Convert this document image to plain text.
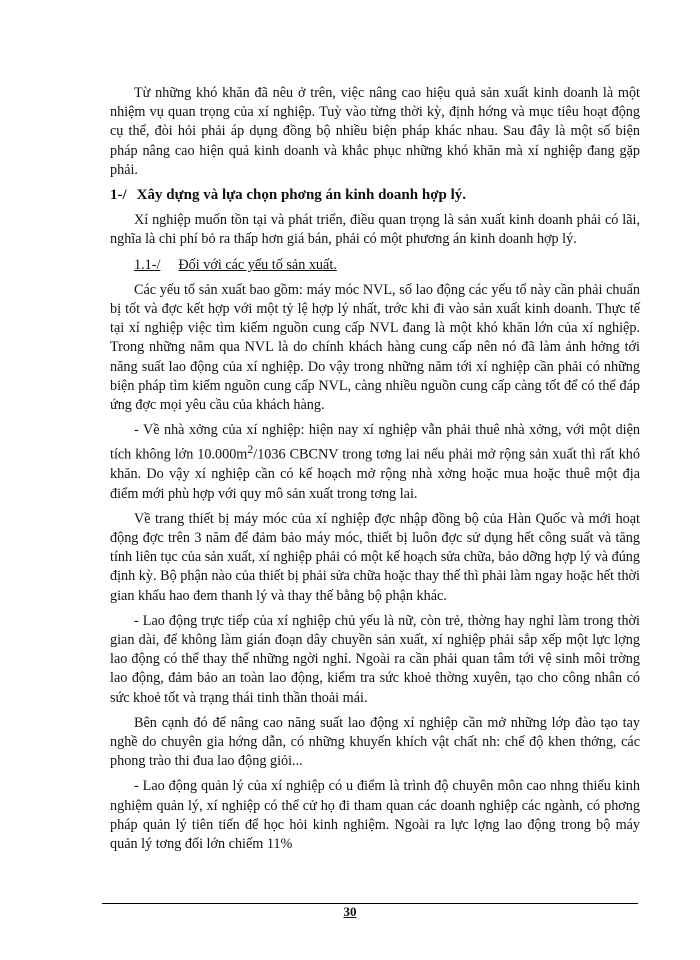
Từ những khó khăn đã nêu ở trên, việc nâng cao hiệu quả sản xuất kinh doanh là một nhiệm vụ quan trọng của xí nghiệp. Tuỳ vào từng thời kỳ, định hớng và mục tiêu hoạt động cụ thể, đòi hỏi phải áp dụng đồng bộ nhiều biện pháp khác nhau. Sau đây là một số biện pháp nâng cao hiện quả kinh doanh và khắc phục những khó khăn mà xí nghiệp đang gặp phải.

1-/ Xây dựng và lựa chọn phơng án kinh doanh hợp lý.

Xí nghiệp muốn tồn tại và phát triển, điều quan trọng là sản xuất kinh doanh phải có lãi, nghĩa là chi phí bỏ ra thấp hơn giá bán, phải có một phương án kinh doanh hợp lý.

1.1-/ Đối với các yếu tố sản xuất.

Các yếu tố sản xuất bao gồm: máy móc NVL, số lao động các yếu tố này cần phải chuẩn bị tốt và đợc kết hợp với một tỷ lệ hợp lý nhất, trớc khi đi vào sản xuất kinh doanh. Thực tế tại xí nghiệp việc tìm kiếm nguồn cung cấp NVL đang là một khó khăn lớn của xí nghiệp. Trong những năm qua NVL là do chính khách hàng cung cấp nên nó đã làm ảnh hởng tới năng suất lao động của xí nghiệp. Do vậy trong những năm tới xí nghiệp cần phải có những biện pháp tìm kiếm nguồn cung cấp NVL, càng nhiều nguồn cung cấp càng tốt để có thể đáp ứng đợc mọi yêu cầu của khách hàng.

- Về nhà xởng của xí nghiệp: hiện nay xí nghiệp vẫn phải thuê nhà xởng, với một diện tích không lớn $10.000m^2/1036$ CBCNV trong tơng lai nếu phải mở rộng sản xuất thì rất khó khăn. Do vậy xí nghiệp cần có kế hoạch mở rộng nhà xởng hoặc mua hoặc thuê một địa điểm mới phù hợp với quy mô sản xuất trong tơng lai.

Về trang thiết bị máy móc của xí nghiệp đợc nhập đồng bộ của Hàn Quốc và mới hoạt động đợc trên 3 năm để đảm bảo máy móc, thiết bị luôn đợc sử dụng hết công suất và tăng tính liên tục của sản xuất, xí nghiệp phải có một kế hoạch sửa chữa, bảo dỡng hợp lý và đúng định kỳ. Bộ phận nào của thiết bị phải sửa chữa hoặc thay thế thì phải làm ngay hoặc hết thời gian khấu hao đem thanh lý và thay thế bằng bộ phận khác.

- Lao động trực tiếp của xí nghiệp chủ yếu là nữ, còn trẻ, thờng hay nghỉ làm trong thời gian dài, để không làm gián đoạn dây chuyền sản xuất, xí nghiệp phải sắp xếp một lực lợng lao động có thể thay thế những ngời nghỉ. Ngoài ra cần phải quan tâm tới vệ sinh môi trờng lao động, đảm bảo an toàn lao động, kiểm tra sức khoẻ thờng xuyên, tạo cho công nhân có sức khoẻ tốt và trạng thái tinh thần thoải mái.

Bên cạnh đó để nâng cao năng suất lao động xí nghiệp cần mở những lớp đào tạo tay nghề do chuyên gia hớng dẫn, có những khuyến khích vật chất nh: chế độ khen thởng, các phong trào thi đua lao động giỏi...

- Lao động quản lý của xí nghiệp có u điểm là trình độ chuyên môn cao nhng thiếu kinh nghiệm quản lý, xí nghiệp có thể cử họ đi tham quan các doanh nghiệp các ngành, có phơng pháp quản lý tiên tiến để học hỏi kinh nghiệm. Ngoài ra lực lợng lao động trong bộ máy quản lý tơng đối lớn chiếm 11%

30
